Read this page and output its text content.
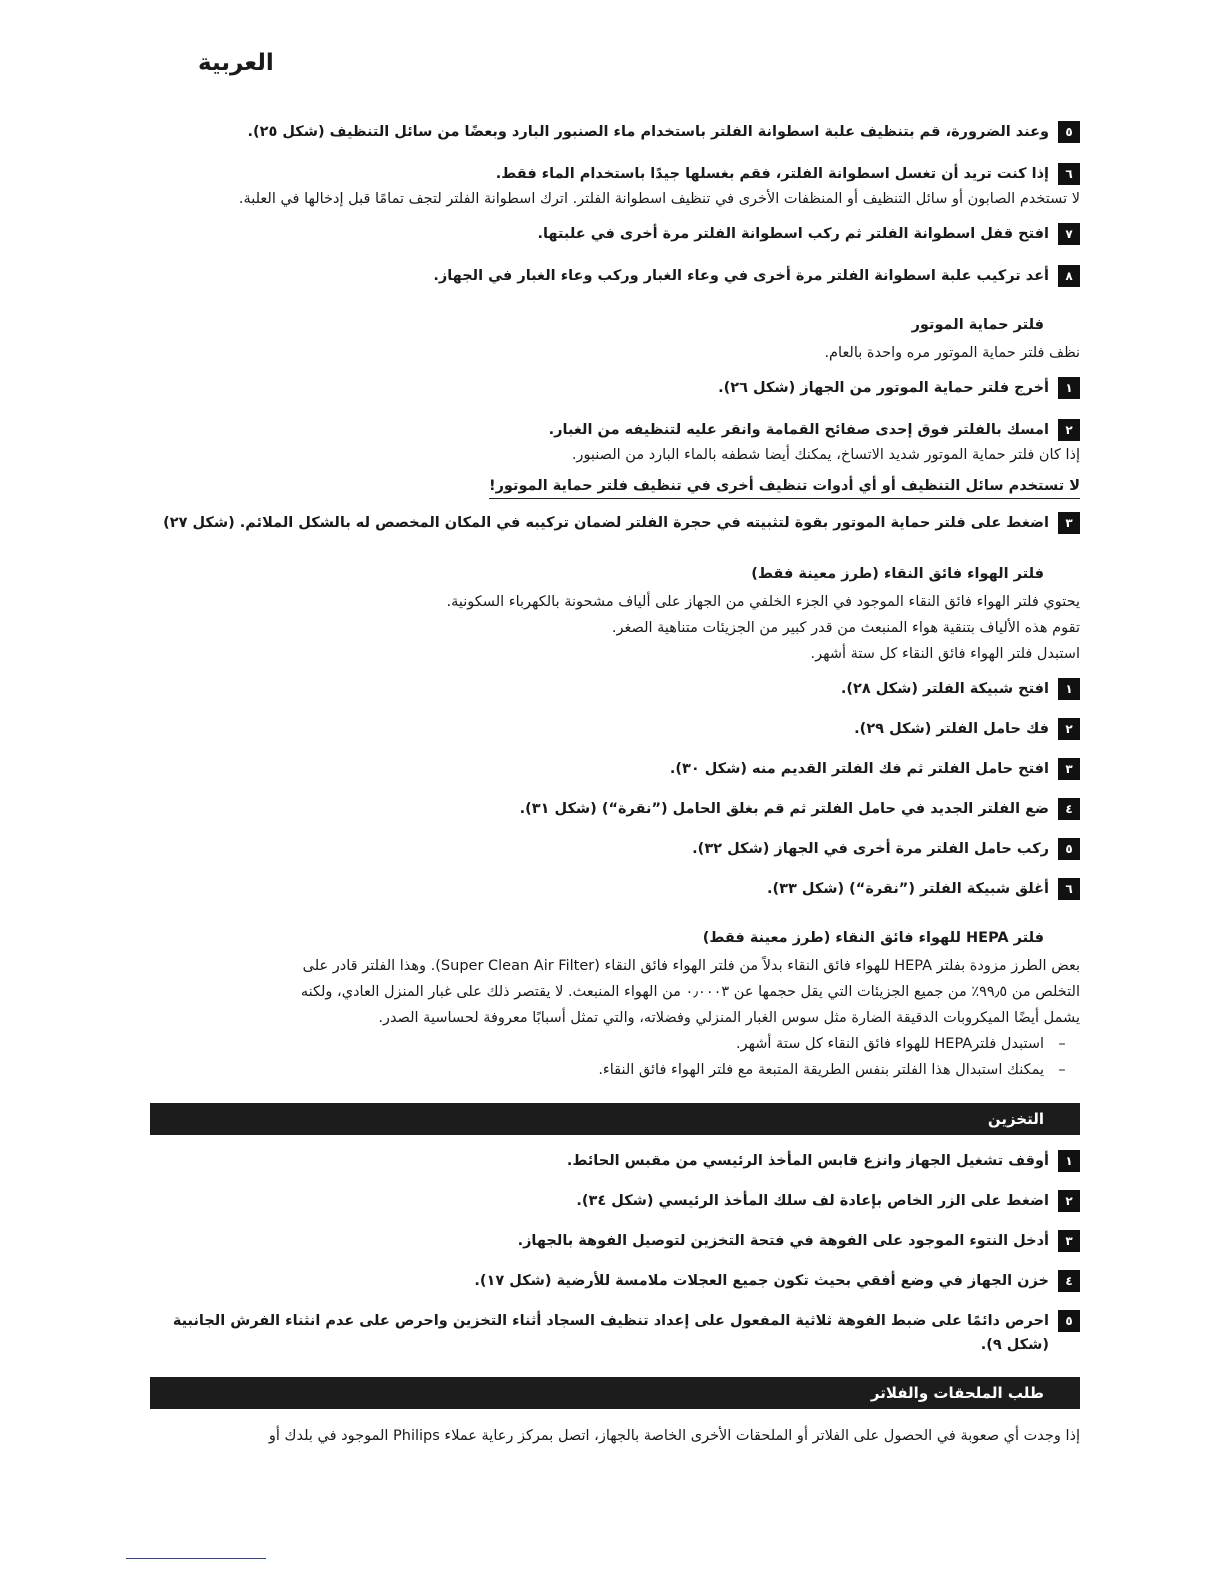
العربية
٥
وعند الضرورة، قم بتنظيف علبة اسطوانة الفلتر باستخدام ماء الصنبور البارد وبعضًا من سائل التنظيف (شكل ٢٥).
٦
إذا كنت تريد أن تغسل اسطوانة الفلتر، فقم بغسلها جيدًا باستخدام الماء فقط.

لا تستخدم الصابون أو سائل التنظيف أو المنظفات الأخرى في تنظيف اسطوانة الفلتر. اترك اسطوانة الفلتر لتجف تمامًا قبل إدخالها في العلبة.

٧
افتح قفل اسطوانة الفلتر ثم ركب اسطوانة الفلتر مرة أخرى في علبتها.
٨
أعد تركيب علبة اسطوانة الفلتر مرة أخرى في وعاء الغبار وركب وعاء الغبار في الجهاز.
فلتر حماية الموتور

نظف فلتر حماية الموتور مره واحدة بالعام.

١
أخرج فلتر حماية الموتور من الجهاز (شكل ٢٦).
٢
امسك بالفلتر فوق إحدى صفائح القمامة وانقر عليه لتنظيفه من الغبار.

إذا كان فلتر حماية الموتور شديد الاتساخ، يمكنك أيضا شطفه بالماء البارد من الصنبور.

لا تستخدم سائل التنظيف أو أي أدوات تنظيف أخرى في تنظيف فلتر حماية الموتور!
٣
اضغط على فلتر حماية الموتور بقوة لتثبيته في حجرة الفلتر لضمان تركيبه في المكان المخصص له بالشكل الملائم. (شكل ٢٧)
فلتر الهواء فائق النقاء (طرز معينة فقط)

يحتوي فلتر الهواء فائق النقاء الموجود في الجزء الخلفي من الجهاز على ألياف مشحونة بالكهرباء السكونية.

تقوم هذه الألياف بتنقية هواء المنبعث من قدر كبير من الجزيئات متناهية الصغر.

استبدل فلتر الهواء فائق النقاء كل ستة أشهر.

١
افتح شبيكة الفلتر (شكل ٢٨).
٢
فك حامل الفلتر (شكل ٢٩).
٣
افتح حامل الفلتر ثم فك الفلتر القديم منه (شكل ٣٠).
٤
ضع الفلتر الجديد في حامل الفلتر ثم قم بغلق الحامل (”نقرة“) (شكل ٣١).
٥
ركب حامل الفلتر مرة أخرى في الجهاز (شكل ٣٢).
٦
أغلق شبيكة الفلتر (”نقرة“) (شكل ٣٣).
فلتر HEPA للهواء فائق النقاء (طرز معينة فقط)

بعض الطرز مزودة بفلتر HEPA للهواء فائق النقاء بدلاً من فلتر الهواء فائق النقاء (Super Clean Air Filter). وهذا الفلتر قادر على

التخلص من ٩٩٫٥٪ من جميع الجزيئات التي يقل حجمها عن ٠٫٠٠٠٣ من الهواء المنبعث. لا يقتصر ذلك على غبار المنزل العادي، ولكنه

يشمل أيضًا الميكروبات الدقيقة الضارة مثل سوس الغبار المنزلي وفضلاته، والتي تمثل أسبابًا معروفة لحساسية الصدر.

–
استبدل فلترHEPA للهواء فائق النقاء كل ستة أشهر.
–
يمكنك استبدال هذا الفلتر بنفس الطريقة المتبعة مع فلتر الهواء فائق النقاء.
التخزين
١
أوقف تشغيل الجهاز وانزع قابس المأخذ الرئيسي من مقبس الحائط.
٢
اضغط على الزر الخاص بإعادة لف سلك المأخذ الرئيسي (شكل ٣٤).
٣
أدخل النتوء الموجود على الفوهة في فتحة التخزين لتوصيل الفوهة بالجهاز.
٤
خزن الجهاز في وضع أفقي بحيث تكون جميع العجلات ملامسة للأرضية (شكل ١٧).
٥
احرص دائمًا على ضبط الفوهة ثلاثية المفعول على إعداد تنظيف السجاد أثناء التخزين واحرص على عدم انثناء الفرش الجانبية (شكل ٩).
طلب الملحقات والفلاتر

إذا وجدت أي صعوبة في الحصول على الفلاتر أو الملحقات الأخرى الخاصة بالجهاز، اتصل بمركز رعاية عملاء Philips الموجود في بلدك أو
